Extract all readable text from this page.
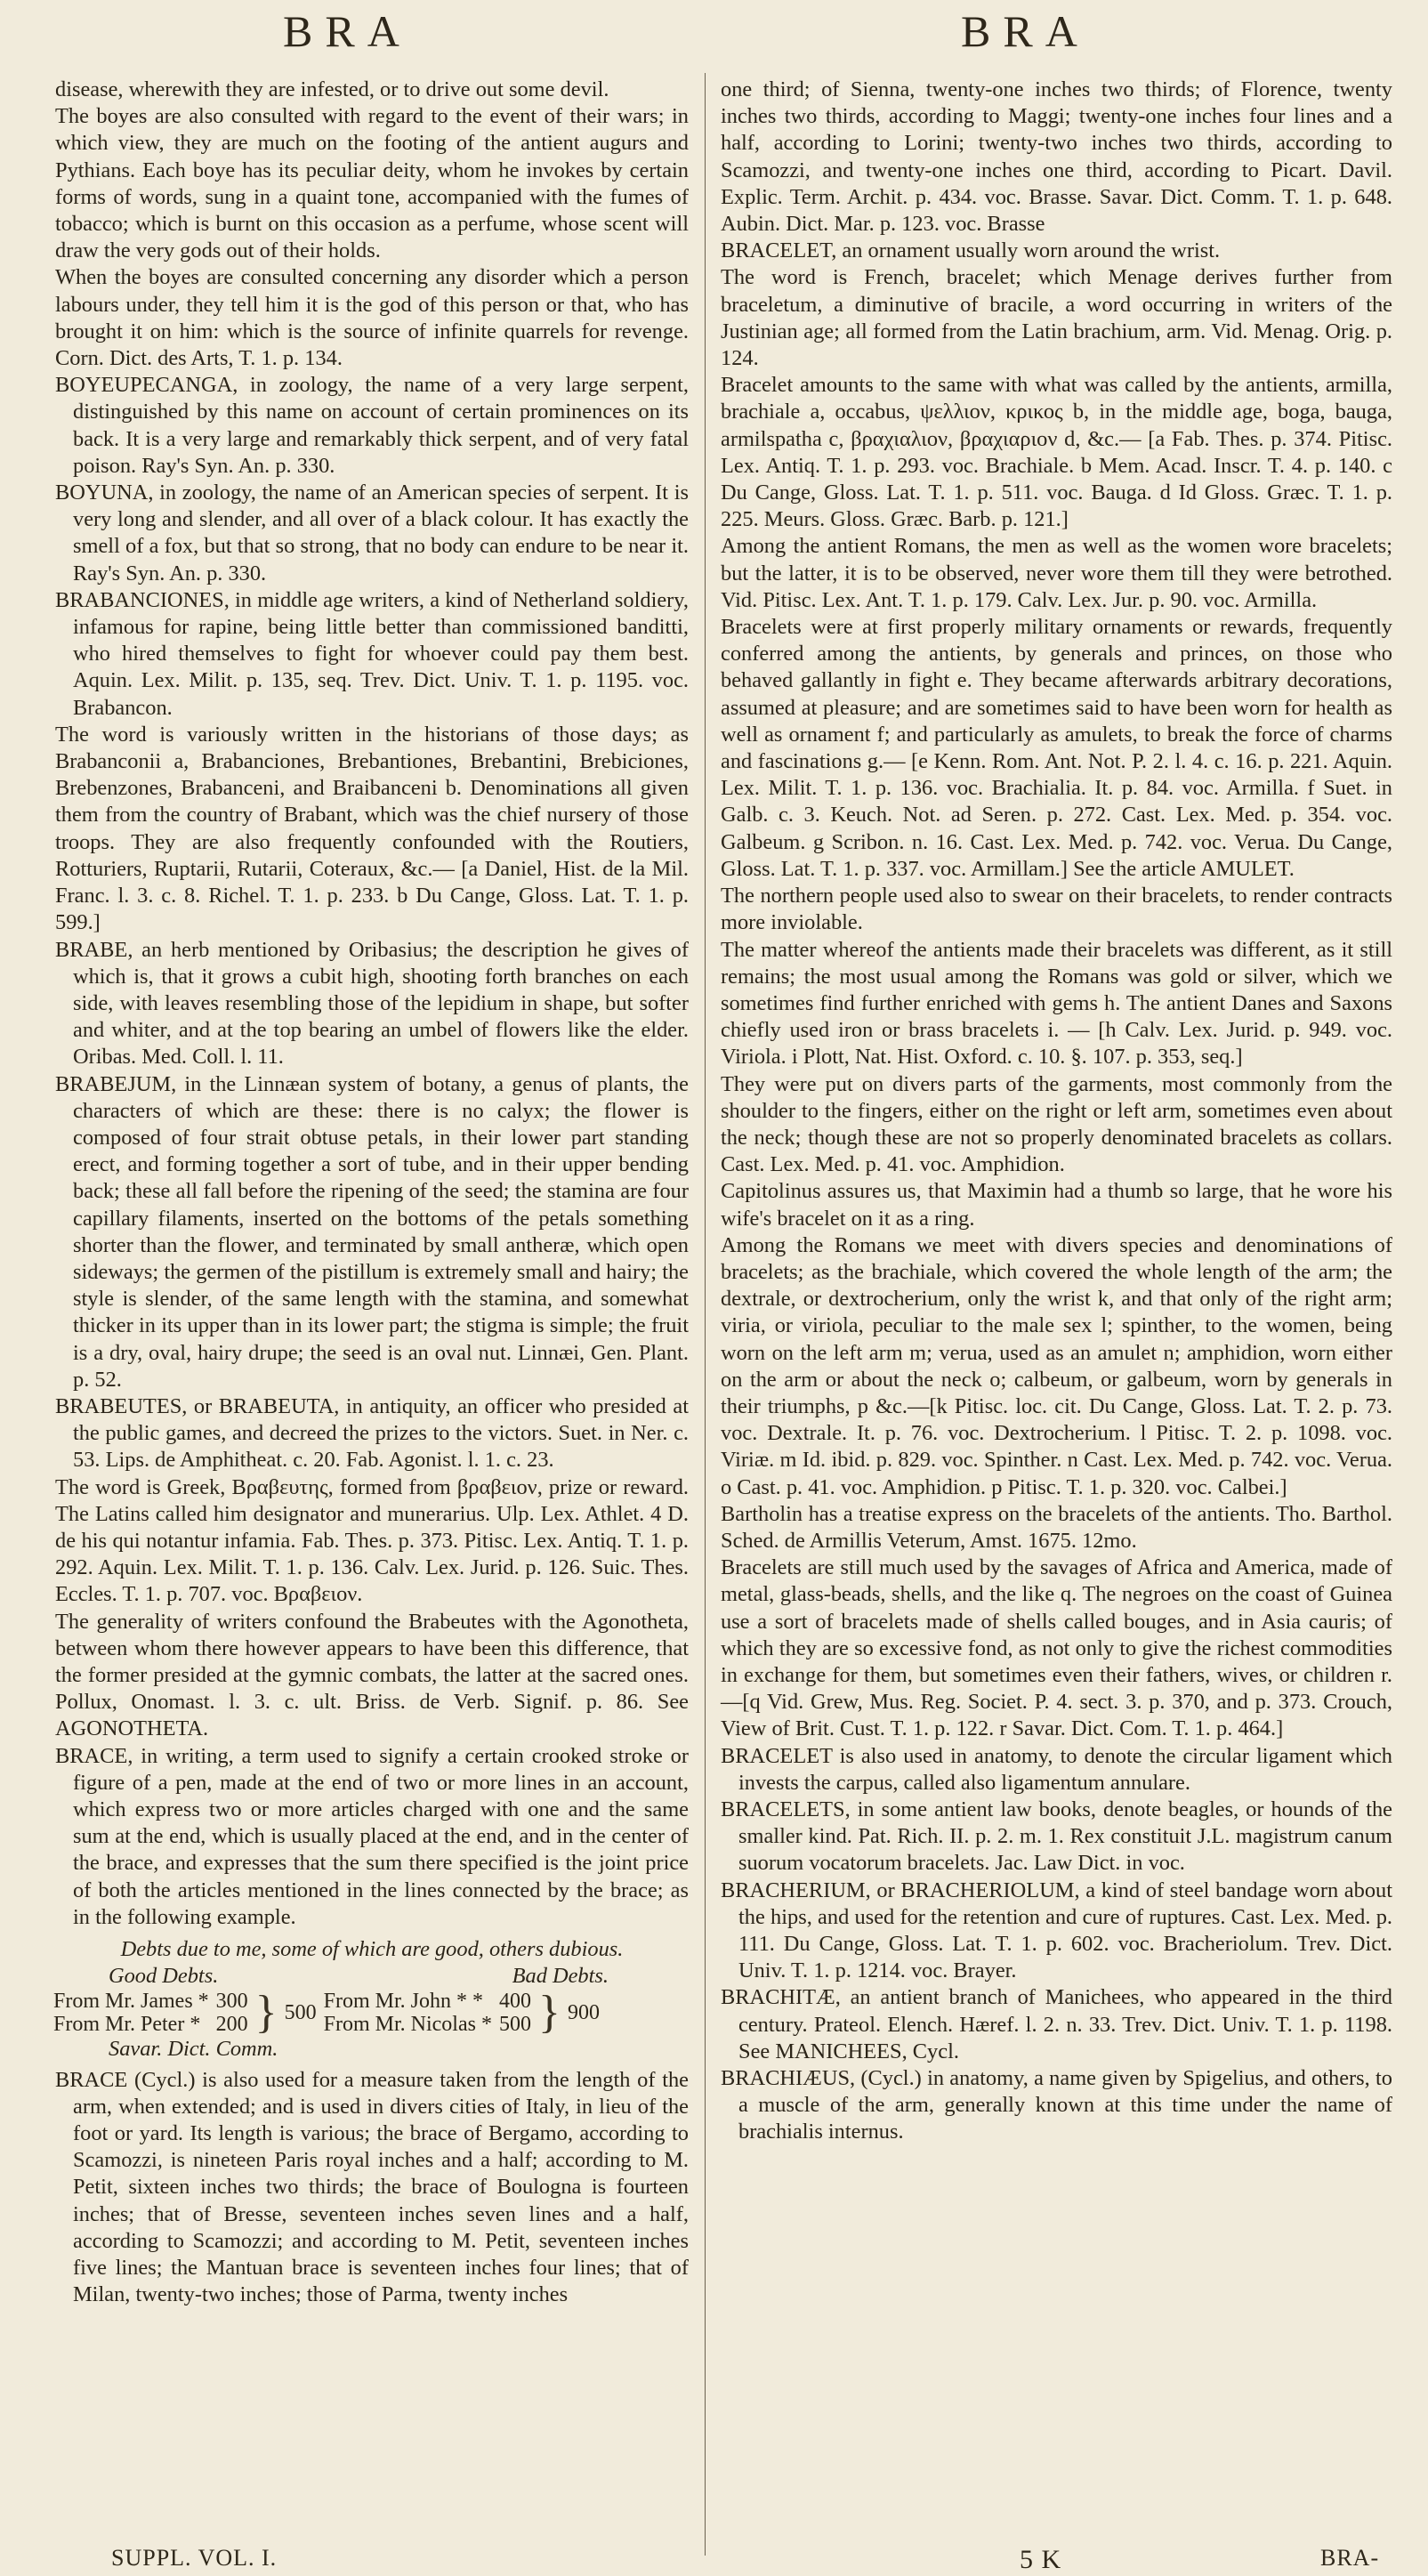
BRA	BRA

disease, wherewith they are infested, or to drive out some devil.

The boyes are also consulted with regard to the event of their wars; in which view, they are much on the footing of the antient augurs and Pythians. Each boye has its peculiar deity, whom he invokes by certain forms of words, sung in a quaint tone, accompanied with the fumes of tobacco; which is burnt on this occasion as a perfume, whose scent will draw the very gods out of their holds.

When the boyes are consulted concerning any disorder which a person labours under, they tell him it is the god of this person or that, who has brought it on him: which is the source of infinite quarrels for revenge. Corn. Dict. des Arts, T. 1. p. 134.

BOYEUPECANGA, in zoology, the name of a very large serpent, distinguished by this name on account of certain prominences on its back. It is a very large and remarkably thick serpent, and of very fatal poison. Ray's Syn. An. p. 330.

BOYUNA, in zoology, the name of an American species of serpent. It is very long and slender, and all over of a black colour. It has exactly the smell of a fox, but that so strong, that no body can endure to be near it. Ray's Syn. An. p. 330.

BRABANCIONES, in middle age writers, a kind of Netherland soldiery, infamous for rapine, being little better than commissioned banditti, who hired themselves to fight for whoever could pay them best. Aquin. Lex. Milit. p. 135, seq. Trev. Dict. Univ. T. 1. p. 1195. voc. Brabancon.

The word is variously written in the historians of those days; as Brabanconii a, Brabanciones, Brebantiones, Brebantini, Brebiciones, Brebenzones, Brabanceni, and Braibanceni b. Denominations all given them from the country of Brabant, which was the chief nursery of those troops. They are also frequently confounded with the Routiers, Rotturiers, Ruptarii, Rutarii, Coteraux, &c.— [a Daniel, Hist. de la Mil. Franc. l. 3. c. 8. Richel. T. 1. p. 233. b Du Cange, Gloss. Lat. T. 1. p. 599.]

BRABE, an herb mentioned by Oribasius; the description he gives of which is, that it grows a cubit high, shooting forth branches on each side, with leaves resembling those of the lepidium in shape, but softer and whiter, and at the top bearing an umbel of flowers like the elder. Oribas. Med. Coll. l. 11.

BRABEJUM, in the Linnæan system of botany, a genus of plants, the characters of which are these: there is no calyx; the flower is composed of four strait obtuse petals, in their lower part standing erect, and forming together a sort of tube, and in their upper bending back; these all fall before the ripening of the seed; the stamina are four capillary filaments, inserted on the bottoms of the petals something shorter than the flower, and terminated by small antheræ, which open sideways; the germen of the pistillum is extremely small and hairy; the style is slender, of the same length with the stamina, and somewhat thicker in its upper than in its lower part; the stigma is simple; the fruit is a dry, oval, hairy drupe; the seed is an oval nut. Linnæi, Gen. Plant. p. 52.

BRABEUTES, or BRABEUTA, in antiquity, an officer who presided at the public games, and decreed the prizes to the victors. Suet. in Ner. c. 53. Lips. de Amphitheat. c. 20. Fab. Agonist. l. 1. c. 23.

The word is Greek, Βραβευτης, formed from βραβειον, prize or reward. The Latins called him designator and munerarius. Ulp. Lex. Athlet. 4 D. de his qui notantur infamia. Fab. Thes. p. 373. Pitisc. Lex. Antiq. T. 1. p. 292. Aquin. Lex. Milit. T. 1. p. 136. Calv. Lex. Jurid. p. 126. Suic. Thes. Eccles. T. 1. p. 707. voc. Βραβειον.

The generality of writers confound the Brabeutes with the Agonotheta, between whom there however appears to have been this difference, that the former presided at the gymnic combats, the latter at the sacred ones. Pollux, Onomast. l. 3. c. ult. Briss. de Verb. Signif. p. 86. See AGONOTHETA.

BRACE, in writing, a term used to signify a certain crooked stroke or figure of a pen, made at the end of two or more lines in an account, which express two or more articles charged with one and the same sum at the end, which is usually placed at the end, and in the center of the brace, and expresses that the sum there specified is the joint price of both the articles mentioned in the lines connected by the brace; as in the following example.

Debts due to me, some of which are good, others dubious.
Good Debts.	Bad Debts.
From Mr. James *	300	}	500	From Mr. John * *	400	}	900
From Mr. Peter *	200			From Mr. Nicolas *	500		
Savar. Dict. Comm.

BRACE (Cycl.) is also used for a measure taken from the length of the arm, when extended; and is used in divers cities of Italy, in lieu of the foot or yard. Its length is various; the brace of Bergamo, according to Scamozzi, is nineteen Paris royal inches and a half; according to M. Petit, sixteen inches two thirds; the brace of Boulogna is fourteen inches; that of Bresse, seventeen inches seven lines and a half, according to Scamozzi; and according to M. Petit, seventeen inches five lines; the Mantuan brace is seventeen inches four lines; that of Milan, twenty-two inches; those of Parma, twenty inches

one third; of Sienna, twenty-one inches two thirds; of Florence, twenty inches two thirds, according to Maggi; twenty-one inches four lines and a half, according to Lorini; twenty-two inches two thirds, according to Scamozzi, and twenty-one inches one third, according to Picart. Davil. Explic. Term. Archit. p. 434. voc. Brasse. Savar. Dict. Comm. T. 1. p. 648. Aubin. Dict. Mar. p. 123. voc. Brasse

BRACELET, an ornament usually worn around the wrist.

The word is French, bracelet; which Menage derives further from braceletum, a diminutive of bracile, a word occurring in writers of the Justinian age; all formed from the Latin brachium, arm. Vid. Menag. Orig. p. 124.

Bracelet amounts to the same with what was called by the antients, armilla, brachiale a, occabus, ψελλιον, κρικος b, in the middle age, boga, bauga, armilspatha c, βραχιαλιον, βραχιαριον d, &c.— [a Fab. Thes. p. 374. Pitisc. Lex. Antiq. T. 1. p. 293. voc. Brachiale. b Mem. Acad. Inscr. T. 4. p. 140. c Du Cange, Gloss. Lat. T. 1. p. 511. voc. Bauga. d Id Gloss. Græc. T. 1. p. 225. Meurs. Gloss. Græc. Barb. p. 121.]

Among the antient Romans, the men as well as the women wore bracelets; but the latter, it is to be observed, never wore them till they were betrothed. Vid. Pitisc. Lex. Ant. T. 1. p. 179. Calv. Lex. Jur. p. 90. voc. Armilla.

Bracelets were at first properly military ornaments or rewards, frequently conferred among the antients, by generals and princes, on those who behaved gallantly in fight e. They became afterwards arbitrary decorations, assumed at pleasure; and are sometimes said to have been worn for health as well as ornament f; and particularly as amulets, to break the force of charms and fascinations g.— [e Kenn. Rom. Ant. Not. P. 2. l. 4. c. 16. p. 221. Aquin. Lex. Milit. T. 1. p. 136. voc. Brachialia. It. p. 84. voc. Armilla. f Suet. in Galb. c. 3. Keuch. Not. ad Seren. p. 272. Cast. Lex. Med. p. 354. voc. Galbeum. g Scribon. n. 16. Cast. Lex. Med. p. 742. voc. Verua. Du Cange, Gloss. Lat. T. 1. p. 337. voc. Armillam.] See the article AMULET.

The northern people used also to swear on their bracelets, to render contracts more inviolable.

The matter whereof the antients made their bracelets was different, as it still remains; the most usual among the Romans was gold or silver, which we sometimes find further enriched with gems h. The antient Danes and Saxons chiefly used iron or brass bracelets i. — [h Calv. Lex. Jurid. p. 949. voc. Viriola. i Plott, Nat. Hist. Oxford. c. 10. §. 107. p. 353, seq.]

They were put on divers parts of the garments, most commonly from the shoulder to the fingers, either on the right or left arm, sometimes even about the neck; though these are not so properly denominated bracelets as collars. Cast. Lex. Med. p. 41. voc. Amphidion.

Capitolinus assures us, that Maximin had a thumb so large, that he wore his wife's bracelet on it as a ring.

Among the Romans we meet with divers species and denominations of bracelets; as the brachiale, which covered the whole length of the arm; the dextrale, or dextrocherium, only the wrist k, and that only of the right arm; viria, or viriola, peculiar to the male sex l; spinther, to the women, being worn on the left arm m; verua, used as an amulet n; amphidion, worn either on the arm or about the neck o; calbeum, or galbeum, worn by generals in their triumphs, p &c.—[k Pitisc. loc. cit. Du Cange, Gloss. Lat. T. 2. p. 73. voc. Dextrale. It. p. 76. voc. Dextrocherium. l Pitisc. T. 2. p. 1098. voc. Viriæ. m Id. ibid. p. 829. voc. Spinther. n Cast. Lex. Med. p. 742. voc. Verua. o Cast. p. 41. voc. Amphidion. p Pitisc. T. 1. p. 320. voc. Calbei.]

Bartholin has a treatise express on the bracelets of the antients. Tho. Barthol. Sched. de Armillis Veterum, Amst. 1675. 12mo.

Bracelets are still much used by the savages of Africa and America, made of metal, glass-beads, shells, and the like q. The negroes on the coast of Guinea use a sort of bracelets made of shells called bouges, and in Asia cauris; of which they are so excessive fond, as not only to give the richest commodities in exchange for them, but sometimes even their fathers, wives, or children r.—[q Vid. Grew, Mus. Reg. Societ. P. 4. sect. 3. p. 370, and p. 373. Crouch, View of Brit. Cust. T. 1. p. 122. r Savar. Dict. Com. T. 1. p. 464.]

BRACELET is also used in anatomy, to denote the circular ligament which invests the carpus, called also ligamentum annulare.

BRACELETS, in some antient law books, denote beagles, or hounds of the smaller kind. Pat. Rich. II. p. 2. m. 1. Rex constituit J.L. magistrum canum suorum vocatorum bracelets. Jac. Law Dict. in voc.

BRACHERIUM, or BRACHERIOLUM, a kind of steel bandage worn about the hips, and used for the retention and cure of ruptures. Cast. Lex. Med. p. 111. Du Cange, Gloss. Lat. T. 1. p. 602. voc. Bracheriolum. Trev. Dict. Univ. T. 1. p. 1214. voc. Brayer.

BRACHITÆ, an antient branch of Manichees, who appeared in the third century. Prateol. Elench. Hæref. l. 2. n. 33. Trev. Dict. Univ. T. 1. p. 1198. See MANICHEES, Cycl.

BRACHIÆUS, (Cycl.) in anatomy, a name given by Spigelius, and others, to a muscle of the arm, generally known at this time under the name of brachialis internus.

SUPPL. VOL. I.	5 K	BRA-
